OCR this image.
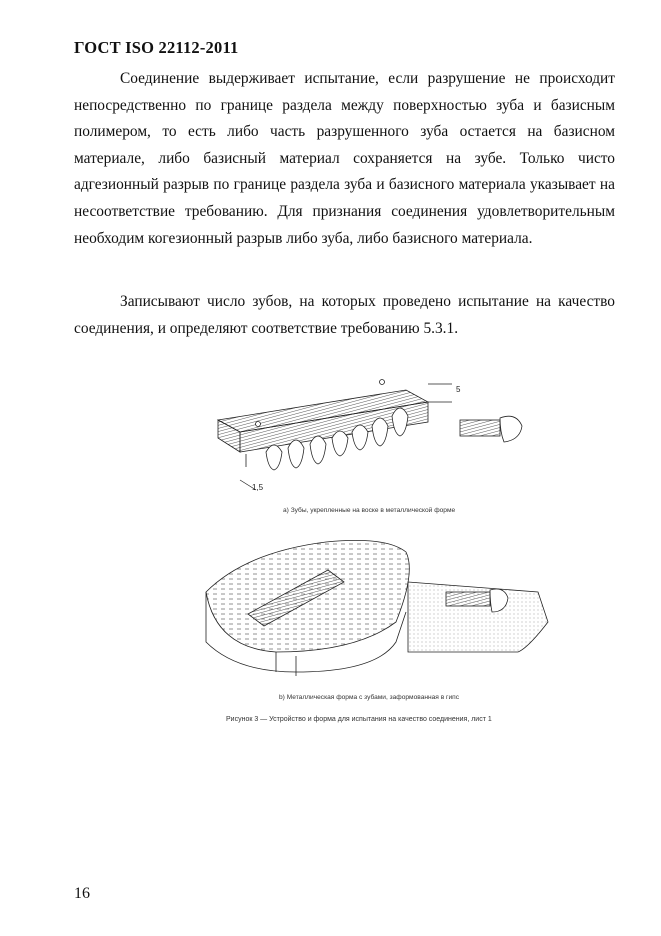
ГОСТ ISO 22112-2011
Соединение выдерживает испытание, если разрушение не происходит непосредственно по границе раздела между поверхностью зуба и базисным полимером, то есть либо часть разрушенного зуба остается на базисном материале, либо базисный материал сохраняется на зубе. Только чисто адгезионный разрыв по границе раздела зуба и базисного материала указывает на несоответствие требованию. Для признания соединения удовлетворительным необходим когезионный разрыв либо зуба, либо базисного материала.
Записывают число зубов, на которых проведено испытание на качество соединения, и определяют соответствие требованию 5.3.1.
5
1,5
а) Зубы, укрепленные на воске в металлической форме
b) Металлическая форма с зубами, заформованная в гипс
Рисунок 3 — Устройство и форма для испытания на качество соединения, лист 1
16
